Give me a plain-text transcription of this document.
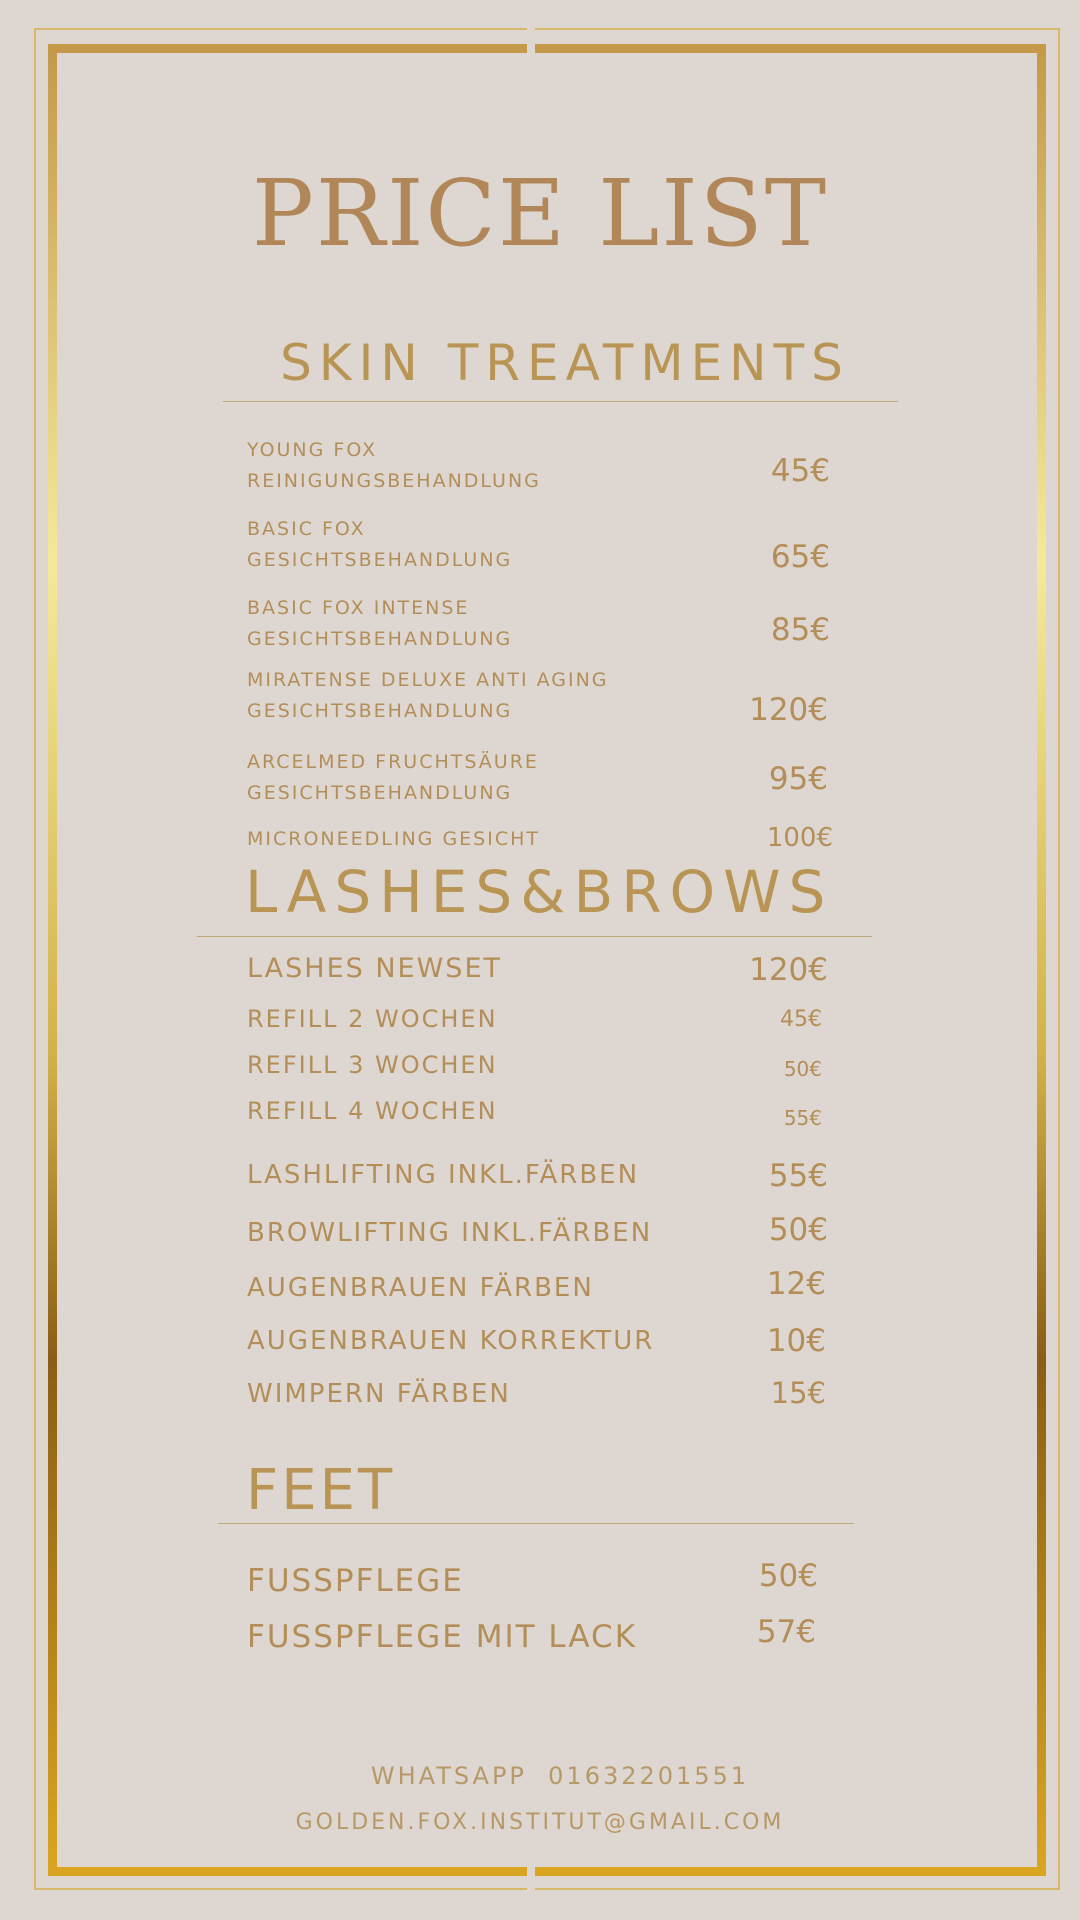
PRICE LIST
SKIN TREATMENTS
YOUNG FOX
REINIGUNGSBEHANDLUNG	45€
BASIC FOX
GESICHTSBEHANDLUNG	65€
BASIC FOX INTENSE
GESICHTSBEHANDLUNG	85€
MIRATENSE DELUXE ANTI AGING
GESICHTSBEHANDLUNG	120€
ARCELMED FRUCHTSÄURE
GESICHTSBEHANDLUNG	95€
MICRONEEDLING GESICHT	100€
LASHES&BROWS
LASHES NEWSET	120€
REFILL 2 WOCHEN	45€
REFILL 3 WOCHEN	50€
REFILL 4 WOCHEN	55€
LASHLIFTING INKL.FÄRBEN	55€
BROWLIFTING INKL.FÄRBEN	50€
AUGENBRAUEN FÄRBEN	12€
AUGENBRAUEN KORREKTUR	10€
WIMPERN FÄRBEN	15€
FEET
FUSSPFLEGE	50€
FUSSPFLEGE MIT LACK	57€
WHATSAPP  01632201551
GOLDEN.FOX.INSTITUT@GMAIL.COM
